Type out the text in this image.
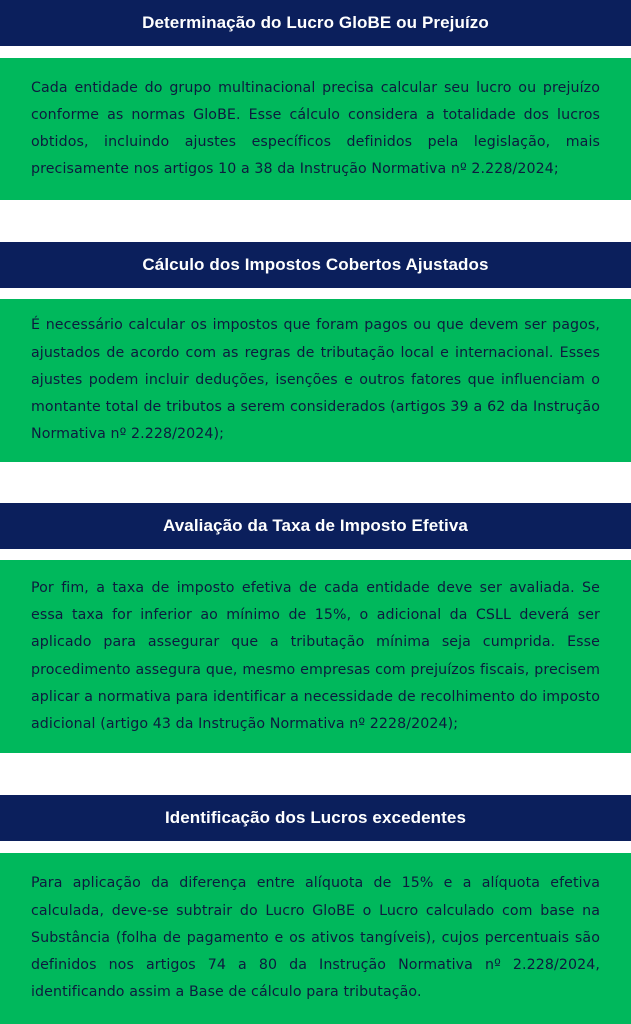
Determinação do Lucro GloBE ou Prejuízo

Cada entidade do grupo multinacional precisa calcular seu lucro ou prejuízo conforme as normas GloBE. Esse cálculo considera a totalidade dos lucros obtidos, incluindo ajustes específicos definidos pela legislação, mais precisamente nos artigos 10 a 38 da Instrução Normativa nº 2.228/2024;

Cálculo dos Impostos Cobertos Ajustados

É necessário calcular os impostos que foram pagos ou que devem ser pagos, ajustados de acordo com as regras de tributação local e internacional. Esses ajustes podem incluir deduções, isenções e outros fatores que influenciam o montante total de tributos a serem considerados (artigos 39 a 62 da Instrução Normativa nº 2.228/2024);

Avaliação da Taxa de Imposto Efetiva

Por fim, a taxa de imposto efetiva de cada entidade deve ser avaliada. Se essa taxa for inferior ao mínimo de 15%, o adicional da CSLL deverá ser aplicado para assegurar que a tributação mínima seja cumprida. Esse procedimento assegura que, mesmo empresas com prejuízos fiscais, precisem aplicar a normativa para identificar a necessidade de recolhimento do imposto adicional (artigo 43 da Instrução Normativa nº 2228/2024);

Identificação dos Lucros excedentes

Para aplicação da diferença entre alíquota de 15% e a alíquota efetiva calculada, deve-se subtrair do Lucro GloBE o Lucro calculado com base na Substância (folha de pagamento e os ativos tangíveis), cujos percentuais são definidos nos artigos 74 a 80 da Instrução Normativa nº 2.228/2024, identificando assim a Base de cálculo para tributação.
